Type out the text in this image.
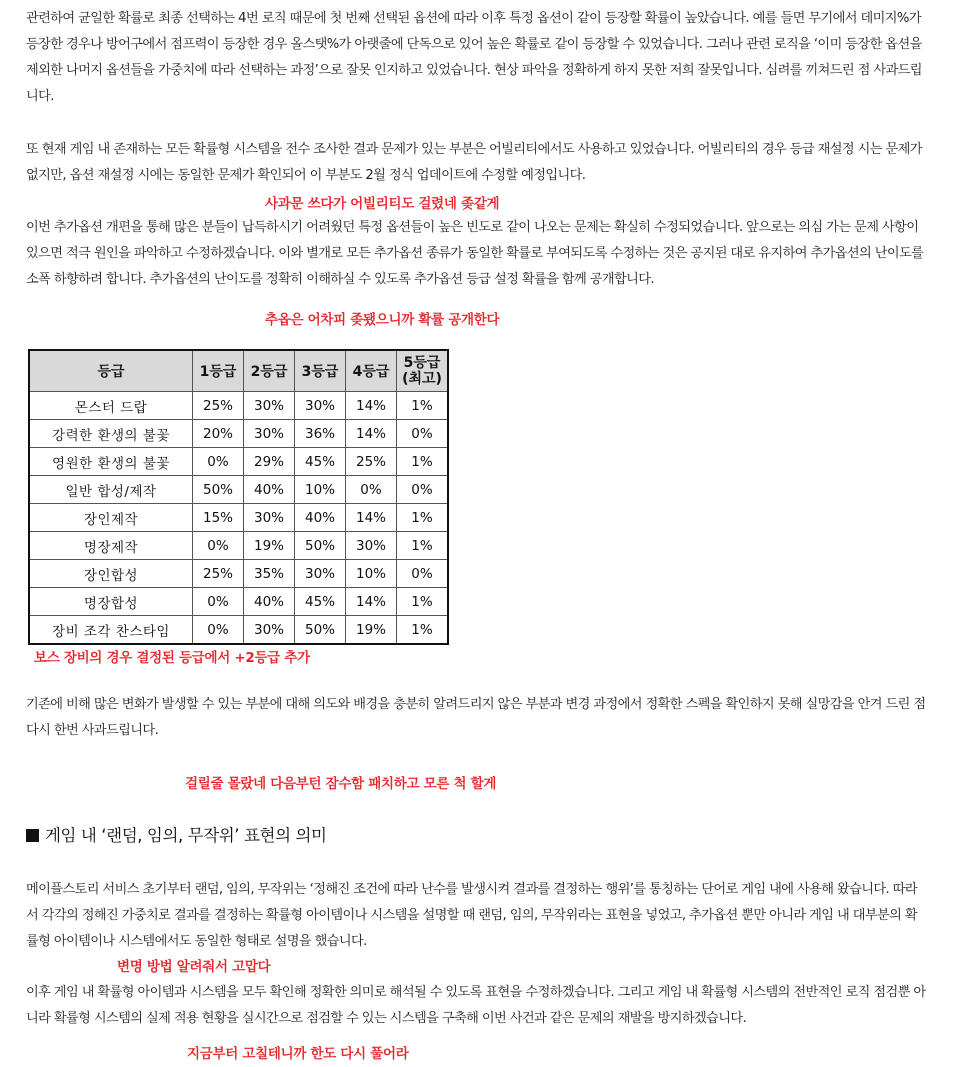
관련하여 균일한 확률로 최종 선택하는 4번 로직 때문에 첫 번째 선택된 옵션에 따라 이후 특정 옵션이 같이 등장할 확률이 높았습니다. 예를 들면 무기에서 데미지%가 등장한 경우나 방어구에서 점프력이 등장한 경우 올스탯%가 아랫줄에 단독으로 있어 높은 확률로 같이 등장할 수 있었습니다. 그러나 관련 로직을 ‘이미 등장한 옵션을 제외한 나머지 옵션들을 가중치에 따라 선택하는 과정’으로 잘못 인지하고 있었습니다. 현상 파악을 정확하게 하지 못한 저희 잘못입니다. 심려를 끼쳐드린 점 사과드립니다.

또 현재 게임 내 존재하는 모든 확률형 시스템을 전수 조사한 결과 문제가 있는 부분은 어빌리티에서도 사용하고 있었습니다. 어빌리티의 경우 등급 재설정 시는 문제가 없지만, 옵션 재설정 시에는 동일한 문제가 확인되어 이 부분도 2월 정식 업데이트에 수정할 예정입니다.

사과문 쓰다가 어빌리티도 걸렸네 좆같게

이번 추가옵션 개편을 통해 많은 분들이 납득하시기 어려웠던 특정 옵션들이 높은 빈도로 같이 나오는 문제는 확실히 수정되었습니다. 앞으로는 의심 가는 문제 사항이 있으면 적극 원인을 파악하고 수정하겠습니다. 이와 별개로 모든 추가옵션 종류가 동일한 확률로 부여되도록 수정하는 것은 공지된 대로 유지하여 추가옵션의 난이도를 소폭 하향하려 합니다. 추가옵션의 난이도를 정확히 이해하실 수 있도록 추가옵션 등급 설정 확률을 함께 공개합니다.

추옵은 어차피 좆됐으니까 확률 공개한다
등급	1등급	2등급	3등급	4등급	5등급
(최고)
몬스터 드랍	25%	30%	30%	14%	1%
강력한 환생의 불꽃	20%	30%	36%	14%	0%
영원한 환생의 불꽃	0%	29%	45%	25%	1%
일반 합성/제작	50%	40%	10%	0%	0%
장인제작	15%	30%	40%	14%	1%
명장제작	0%	19%	50%	30%	1%
장인합성	25%	35%	30%	10%	0%
명장합성	0%	40%	45%	14%	1%
장비 조각 찬스타임	0%	30%	50%	19%	1%
보스 장비의 경우 결정된 등급에서 +2등급 추가

기존에 비해 많은 변화가 발생할 수 있는 부분에 대해 의도와 배경을 충분히 알려드리지 않은 부분과 변경 과정에서 정확한 스펙을 확인하지 못해 실망감을 안겨 드린 점 다시 한번 사과드립니다.

걸릴줄 몰랐네 다음부턴 잠수함 패치하고 모른 척 할게
게임 내 ‘랜덤, 임의, 무작위’ 표현의 의미

메이플스토리 서비스 초기부터 랜덤, 임의, 무작위는 ‘정해진 조건에 따라 난수를 발생시켜 결과를 결정하는 행위’를 통칭하는 단어로 게임 내에 사용해 왔습니다. 따라서 각각의 정해진 가중치로 결과를 결정하는 확률형 아이템이나 시스템을 설명할 때 랜덤, 임의, 무작위라는 표현을 넣었고, 추가옵션 뿐만 아니라 게임 내 대부분의 확률형 아이템이나 시스템에서도 동일한 형태로 설명을 했습니다.

변명 방법 알려줘서 고맙다

이후 게임 내 확률형 아이템과 시스템을 모두 확인해 정확한 의미로 해석될 수 있도록 표현을 수정하겠습니다. 그리고 게임 내 확률형 시스템의 전반적인 로직 점검뿐 아니라 확률형 시스템의 실제 적용 현황을 실시간으로 점검할 수 있는 시스템을 구축해 이번 사건과 같은 문제의 재발을 방지하겠습니다.

지금부터 고칠테니까 한도 다시 풀어라
